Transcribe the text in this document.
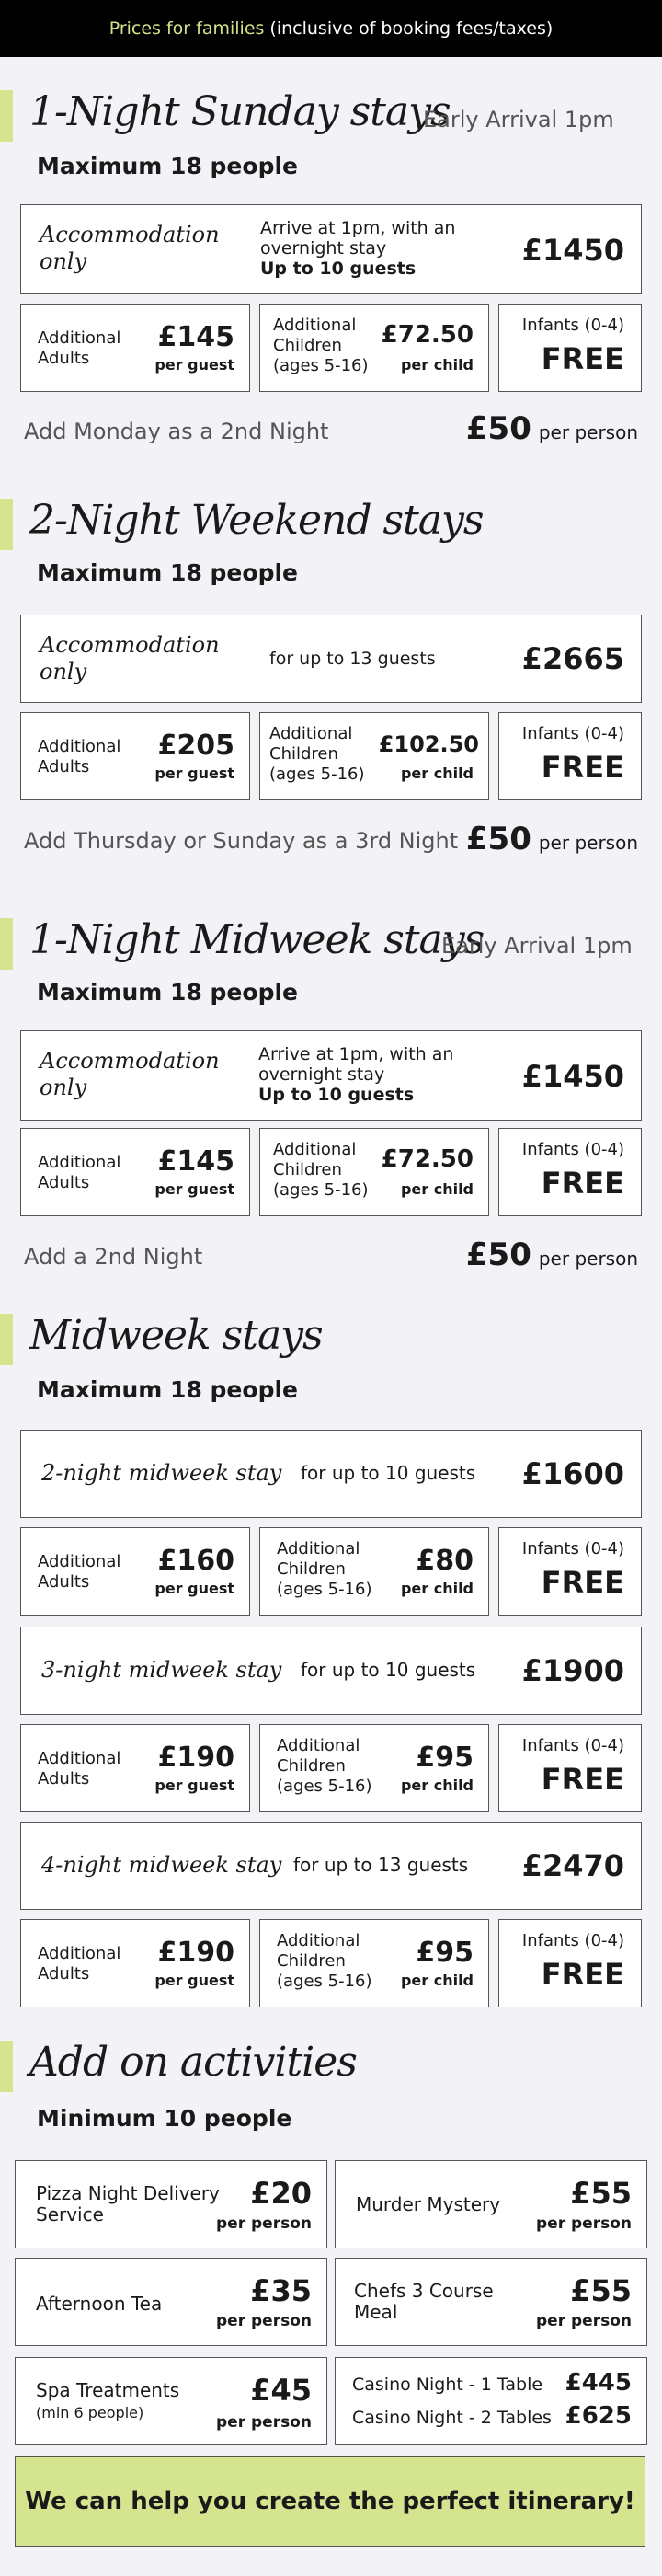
Prices for families (inclusive of booking fees/taxes)
1-Night Sunday stays
Early Arrival 1pm
Maximum 18 people
Accommodation only
Arrive at 1pm, with an overnight stay
Up to 10 guests
£1450
Additional Adults
£145
per guest
Additional Children (ages 5-16)
£72.50
per child
Infants (0-4)
FREE
Add Monday as a 2nd Night	£50 per person
2-Night Weekend stays
Maximum 18 people
Accommodation only	for up to 13 guests	£2665
Additional Adults
£205
per guest
Additional Children (ages 5-16)
£102.50
per child
Infants (0-4)
FREE
Add Thursday or Sunday as a 3rd Night £50 per person
1-Night Midweek stays
Early Arrival 1pm
Maximum 18 people
Accommodation only
Arrive at 1pm, with an overnight stay
Up to 10 guests
£1450
Additional Adults
£145
per guest
Additional Children (ages 5-16)
£72.50
per child
Infants (0-4)
FREE
Add a 2nd Night	£50 per person
Midweek stays
Maximum 18 people
2-night midweek stay for up to 10 guests £1600
Additional Adults
£160
per guest
Additional Children (ages 5-16)
£80
per child
Infants (0-4)
FREE
3-night midweek stay for up to 10 guests £1900
Additional Adults
£190
per guest
Additional Children (ages 5-16)
£95
per child
Infants (0-4)
FREE
4-night midweek stay for up to 13 guests £2470
Additional Adults
£190
per guest
Additional Children (ages 5-16)
£95
per child
Infants (0-4)
FREE
Add on activities
Minimum 10 people
Pizza Night Delivery Service
£20
per person
Murder Mystery	£55
per person
Afternoon Tea	£35
per person
Chefs 3 Course Meal
£55
per person
Spa Treatments
(min 6 people)
£45
per person
Casino Night - 1 Table £445
Casino Night - 2 Tables £625
We can help you create the perfect itinerary!
